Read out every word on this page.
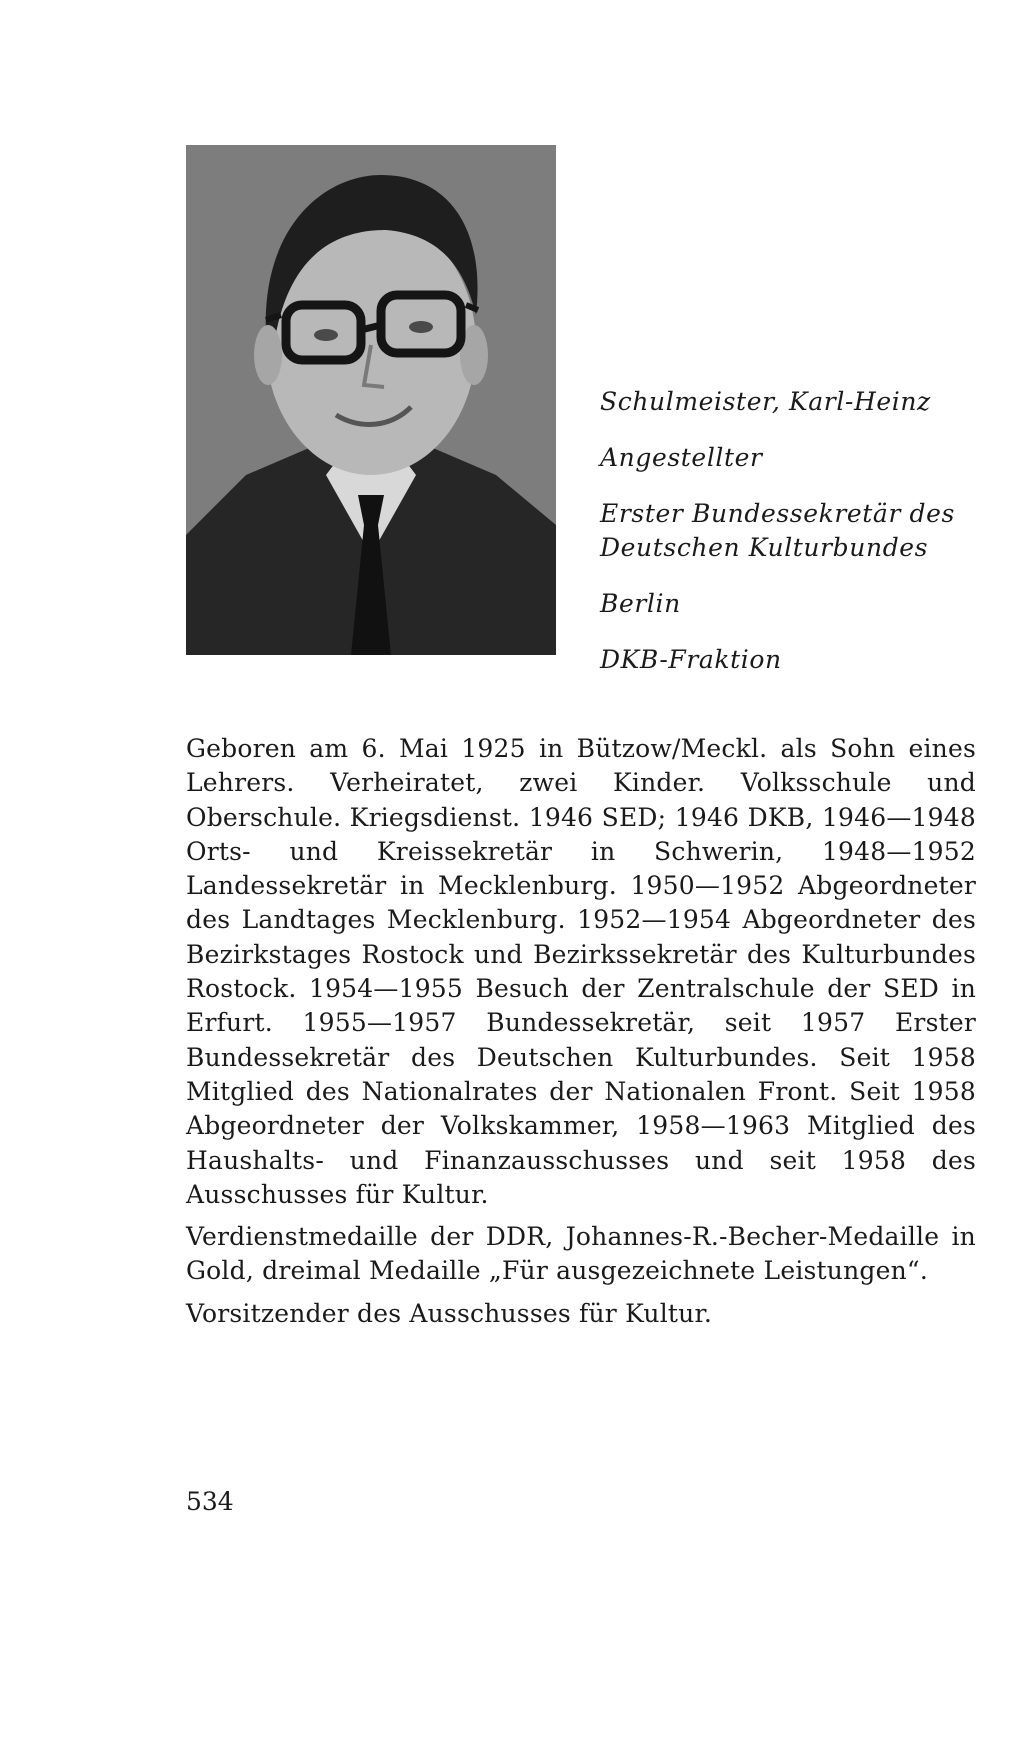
Schulmeister, Karl-Heinz
Angestellter
Erster Bundessekretär des
Deutschen Kulturbundes
Berlin
DKB-Fraktion

Geboren am 6. Mai 1925 in Bützow/Meckl. als Sohn eines Lehrers. Verheiratet, zwei Kinder. Volksschule und Oberschule. Kriegsdienst. 1946 SED; 1946 DKB, 1946—1948 Orts- und Kreissekretär in Schwerin, 1948—1952 Landessekretär in Mecklenburg. 1950—1952 Abgeordneter des Landtages Mecklenburg. 1952—1954 Abgeordneter des Bezirkstages Rostock und Bezirkssekretär des Kulturbundes Rostock. 1954—1955 Besuch der Zentralschule der SED in Erfurt. 1955—1957 Bundessekretär, seit 1957 Erster Bundessekretär des Deutschen Kulturbundes. Seit 1958 Mitglied des Nationalrates der Nationalen Front. Seit 1958 Abgeordneter der Volkskammer, 1958—1963 Mitglied des Haushalts- und Finanzausschusses und seit 1958 des Ausschusses für Kultur.

Verdienstmedaille der DDR, Johannes-R.-Becher-Medaille in Gold, dreimal Medaille „Für ausgezeichnete Leistungen“.

Vorsitzender des Ausschusses für Kultur.

534
